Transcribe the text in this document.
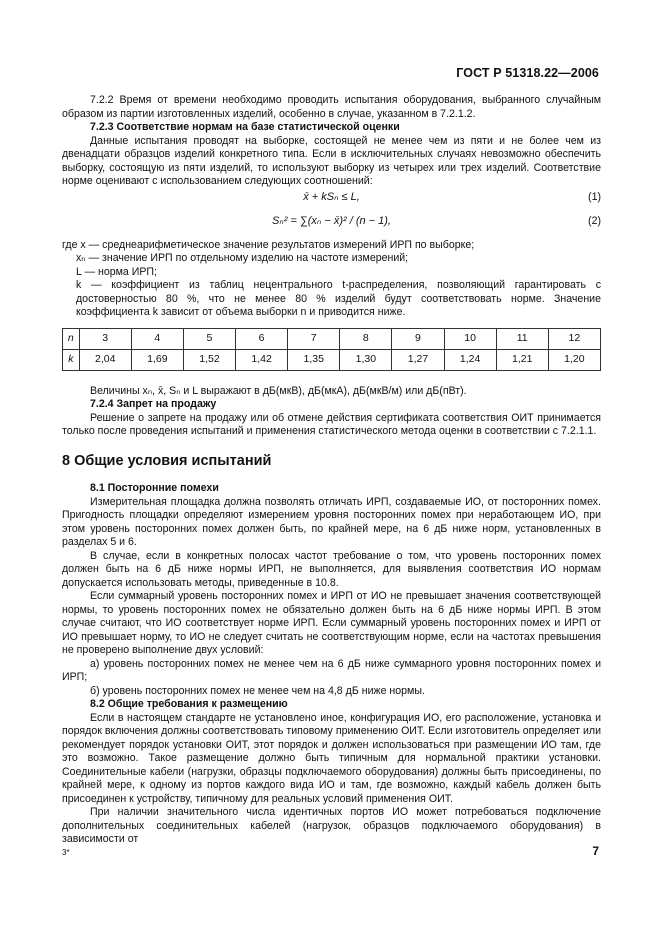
ГОСТ Р 51318.22—2006

7.2.2 Время от времени необходимо проводить испытания оборудования, выбранного случайным образом из партии изготовленных изделий, особенно в случае, указанном в 7.2.1.2.

7.2.3 Соответствие нормам на базе статистической оценки

Данные испытания проводят на выборке, состоящей не менее чем из пяти и не более чем из двенадцати образцов изделий конкретного типа. Если в исключительных случаях невозможно обеспечить выборку, состоящую из пяти изделий, то используют выборку из четырех или трех изделий. Соответствие норме оценивают с использованием следующих соотношений:

x̄ + kSₙ ≤ L,	(1)
Sₙ² = ∑(xₙ − x̄)² / (n − 1),	(2)

где x — среднеарифметическое значение результатов измерений ИРП по выборке;

xₙ — значение ИРП по отдельному изделию на частоте измерений;

L — норма ИРП;

k — коэффициент из таблиц нецентрального t-распределения, позволяющий гарантировать с достоверностью 80 %, что не менее 80 % изделий будут соответствовать норме. Значение коэффициента k зависит от объема выборки n и приводится ниже.

n	3	4	5	6	7	8	9	10	11	12
k	2,04	1,69	1,52	1,42	1,35	1,30	1,27	1,24	1,21	1,20

Величины xₙ, x̄, Sₙ и L выражают в дБ(мкВ), дБ(мкА), дБ(мкВ/м) или дБ(пВт).

7.2.4 Запрет на продажу

Решение о запрете на продажу или об отмене действия сертификата соответствия ОИТ принимается только после проведения испытаний и применения статистического метода оценки в соответствии с 7.2.1.1.

8 Общие условия испытаний
8.1 Посторонние помехи

Измерительная площадка должна позволять отличать ИРП, создаваемые ИО, от посторонних помех. Пригодность площадки определяют измерением уровня посторонних помех при неработающем ИО, при этом уровень посторонних помех должен быть, по крайней мере, на 6 дБ ниже норм, установленных в разделах 5 и 6.

В случае, если в конкретных полосах частот требование о том, что уровень посторонних помех должен быть на 6 дБ ниже нормы ИРП, не выполняется, для выявления соответствия ИО нормам допускается использовать методы, приведенные в 10.8.

Если суммарный уровень посторонних помех и ИРП от ИО не превышает значения соответствующей нормы, то уровень посторонних помех не обязательно должен быть на 6 дБ ниже нормы ИРП. В этом случае считают, что ИО соответствует норме ИРП. Если суммарный уровень посторонних помех и ИРП от ИО превышает норму, то ИО не следует считать не соответствующим норме, если на частотах превышения не проверено выполнение двух условий:

а) уровень посторонних помех не менее чем на 6 дБ ниже суммарного уровня посторонних помех и ИРП;

б) уровень посторонних помех не менее чем на 4,8 дБ ниже нормы.

8.2 Общие требования к размещению

Если в настоящем стандарте не установлено иное, конфигурация ИО, его расположение, установка и порядок включения должны соответствовать типовому применению ОИТ. Если изготовитель определяет или рекомендует порядок установки ОИТ, этот порядок и должен использоваться при размещении ИО там, где это возможно. Такое размещение должно быть типичным для нормальной практики установки. Соединительные кабели (нагрузки, образцы подключаемого оборудования) должны быть присоединены, по крайней мере, к одному из портов каждого вида ИО и там, где возможно, каждый кабель должен быть присоединен к устройству, типичному для реальных условий применения ОИТ.

При наличии значительного числа идентичных портов ИО может потребоваться подключение дополнительных соединительных кабелей (нагрузок, образцов подключаемого оборудования) в зависимости от

3*	7
